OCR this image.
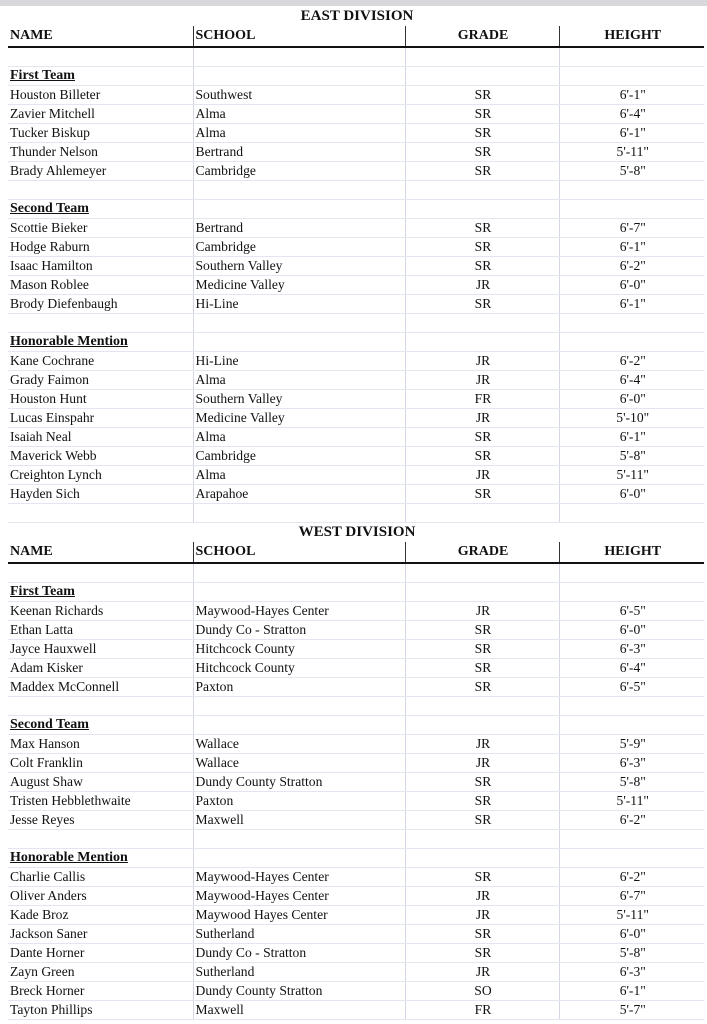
EAST DIVISION			
NAME	SCHOOL	GRADE	HEIGHT

First Team			
Houston Billeter	Southwest	SR	6'-1"
Zavier Mitchell	Alma	SR	6'-4"
Tucker Biskup	Alma	SR	6'-1"
Thunder Nelson	Bertrand	SR	5'-11"
Brady Ahlemeyer	Cambridge	SR	5'-8"

Second Team			
Scottie Bieker	Bertrand	SR	6'-7"
Hodge Raburn	Cambridge	SR	6'-1"
Isaac Hamilton	Southern Valley	SR	6'-2"
Mason Roblee	Medicine Valley	JR	6'-0"
Brody Diefenbaugh	Hi-Line	SR	6'-1"

Honorable Mention			
Kane Cochrane	Hi-Line	JR	6'-2"
Grady Faimon	Alma	JR	6'-4"
Houston Hunt	Southern Valley	FR	6'-0"
Lucas Einspahr	Medicine Valley	JR	5'-10"
Isaiah Neal	Alma	SR	6'-1"
Maverick Webb	Cambridge	SR	5'-8"
Creighton Lynch	Alma	JR	5'-11"
Hayden Sich	Arapahoe	SR	6'-0"

WEST DIVISION			
NAME	SCHOOL	GRADE	HEIGHT

First Team			
Keenan Richards	Maywood-Hayes Center	JR	6'-5"
Ethan Latta	Dundy Co - Stratton	SR	6'-0"
Jayce Hauxwell	Hitchcock County	SR	6'-3"
Adam Kisker	Hitchcock County	SR	6'-4"
Maddex McConnell	Paxton	SR	6'-5"

Second Team			
Max Hanson	Wallace	JR	5'-9"
Colt Franklin	Wallace	JR	6'-3"
August Shaw	Dundy County Stratton	SR	5'-8"
Tristen Hebblethwaite	Paxton	SR	5'-11"
Jesse Reyes	Maxwell	SR	6'-2"

Honorable Mention			
Charlie Callis	Maywood-Hayes Center	SR	6'-2"
Oliver Anders	Maywood-Hayes Center	JR	6'-7"
Kade Broz	Maywood Hayes Center	JR	5'-11"
Jackson Saner	Sutherland	SR	6'-0"
Dante Horner	Dundy Co - Stratton	SR	5'-8"
Zayn Green	Sutherland	JR	6'-3"
Breck Horner	Dundy County Stratton	SO	6'-1"
Tayton Phillips	Maxwell	FR	5'-7"
